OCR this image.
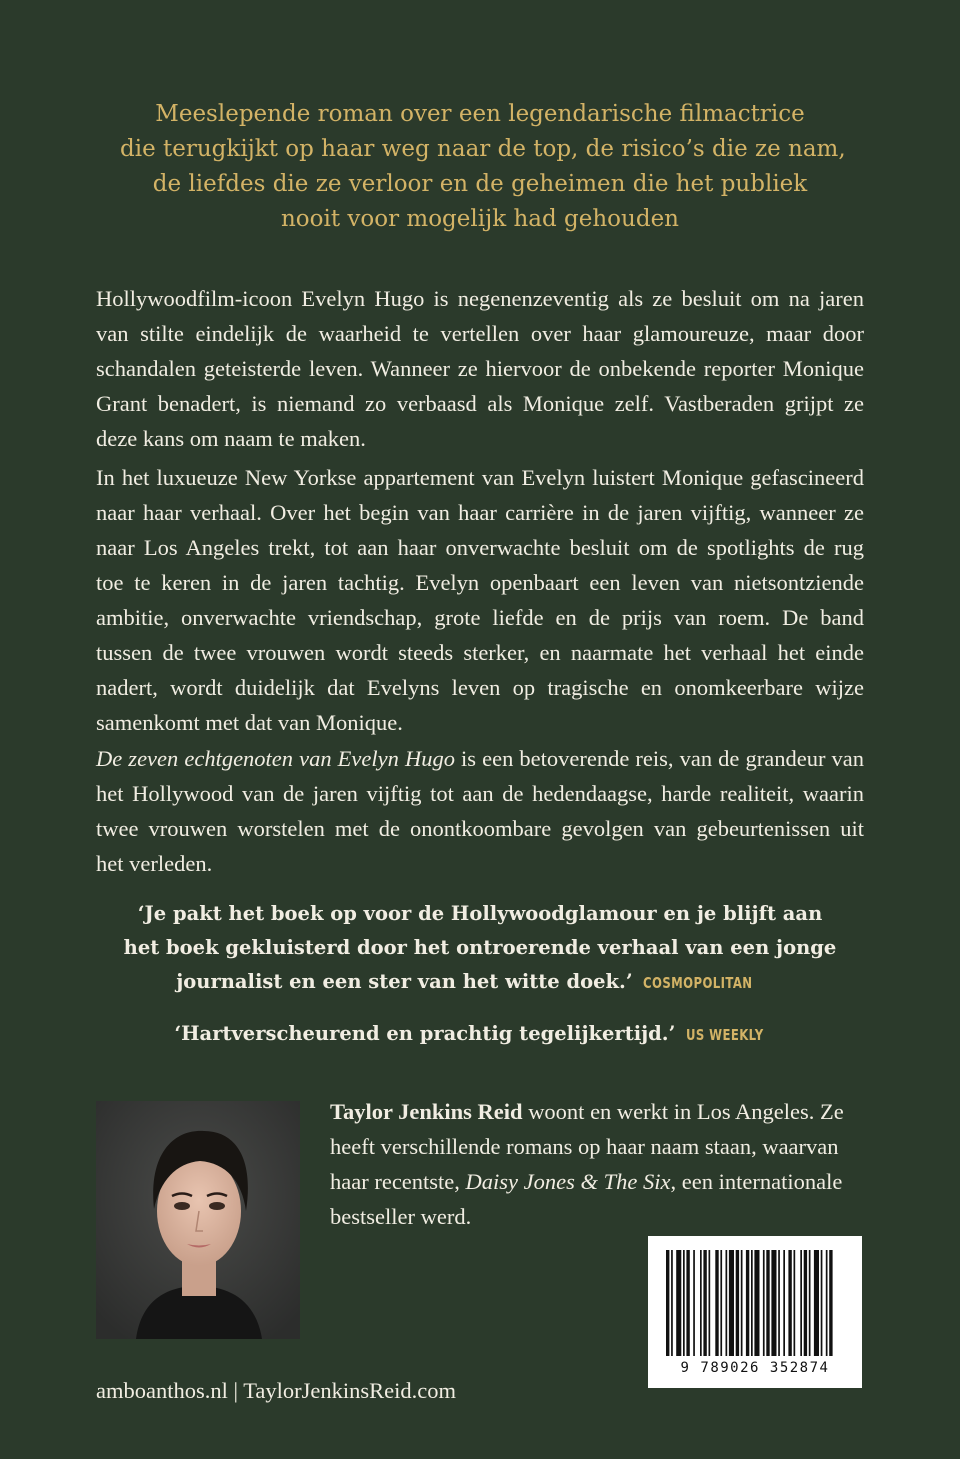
Meeslepende roman over een legendarische filmactrice
die terugkijkt op haar weg naar de top, de risico’s die ze nam,
de liefdes die ze verloor en de geheimen die het publiek
nooit voor mogelijk had gehouden
Hollywoodfilm-icoon Evelyn Hugo is negenenzeventig als ze besluit om na jaren
van stilte eindelijk de waarheid te vertellen over haar glamoureuze, maar door
schandalen geteisterde leven. Wanneer ze hiervoor de onbekende reporter Monique
Grant benadert, is niemand zo verbaasd als Monique zelf. Vastberaden grijpt ze
deze kans om naam te maken.
In het luxueuze New Yorkse appartement van Evelyn luistert Monique gefascineerd
naar haar verhaal. Over het begin van haar carrière in de jaren vijftig, wanneer ze
naar Los Angeles trekt, tot aan haar onverwachte besluit om de spotlights de rug
toe te keren in de jaren tachtig. Evelyn openbaart een leven van nietsontziende
ambitie, onverwachte vriendschap, grote liefde en de prijs van roem. De band
tussen de twee vrouwen wordt steeds sterker, en naarmate het verhaal het einde
nadert, wordt duidelijk dat Evelyns leven op tragische en onomkeerbare wijze
samenkomt met dat van Monique.
De zeven echtgenoten van Evelyn Hugo is een betoverende reis, van de grandeur van
het Hollywood van de jaren vijftig tot aan de hedendaagse, harde realiteit, waarin
twee vrouwen worstelen met de onontkoombare gevolgen van gebeurtenissen uit
het verleden.
‘Je pakt het boek op voor de Hollywoodglamour en je blijft aan
het boek gekluisterd door het ontroerende verhaal van een jonge
journalist en een ster van het witte doek.’ COSMOPOLITAN
‘Hartverscheurend en prachtig tegelijkertijd.’ US WEEKLY
Taylor Jenkins Reid woont en werkt in Los Angeles. Ze
heeft verschillende romans op haar naam staan, waarvan
haar recentste, Daisy Jones & The Six, een internationale
bestseller werd.
9 789026 352874
amboanthos.nl | TaylorJenkinsReid.com
